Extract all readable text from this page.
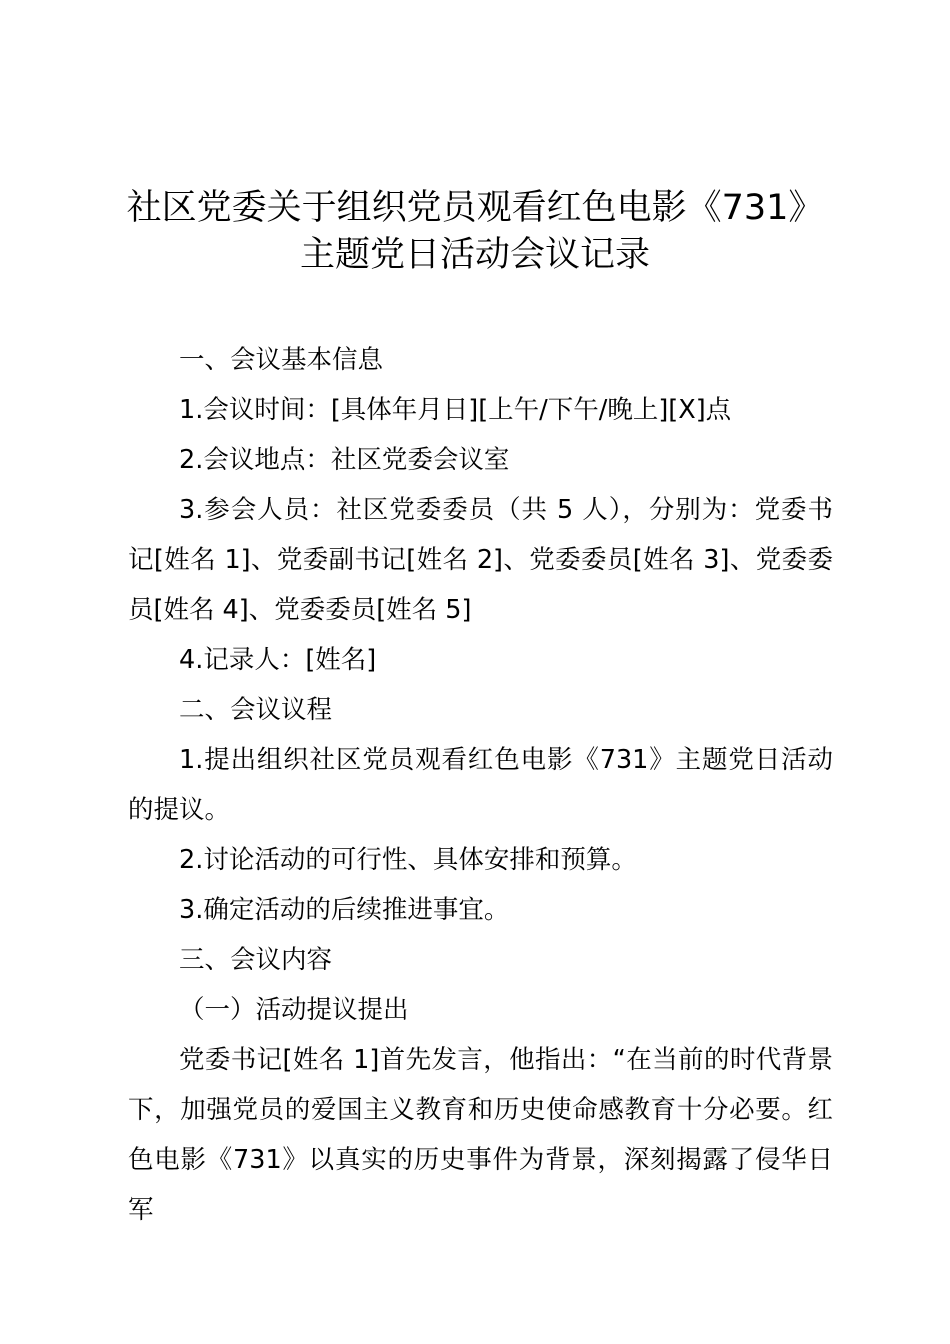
社区党委关于组织党员观看红色电影《731》
主题党日活动会议记录

一、会议基本信息

1.会议时间：[具体年月日][上午/下午/晚上][X]点

2.会议地点：社区党委会议室

3.参会人员：社区党委委员（共 5 人），分别为：党委书记[姓名 1]、党委副书记[姓名 2]、党委委员[姓名 3]、党委委员[姓名 4]、党委委员[姓名 5]

4.记录人：[姓名]

二、会议议程

1.提出组织社区党员观看红色电影《731》主题党日活动的提议。

2.讨论活动的可行性、具体安排和预算。

3.确定活动的后续推进事宜。

三、会议内容

（一）活动提议提出

党委书记[姓名 1]首先发言，他指出：“在当前的时代背景下，加强党员的爱国主义教育和历史使命感教育十分必要。红色电影《731》以真实的历史事件为背景，深刻揭露了侵华日军
